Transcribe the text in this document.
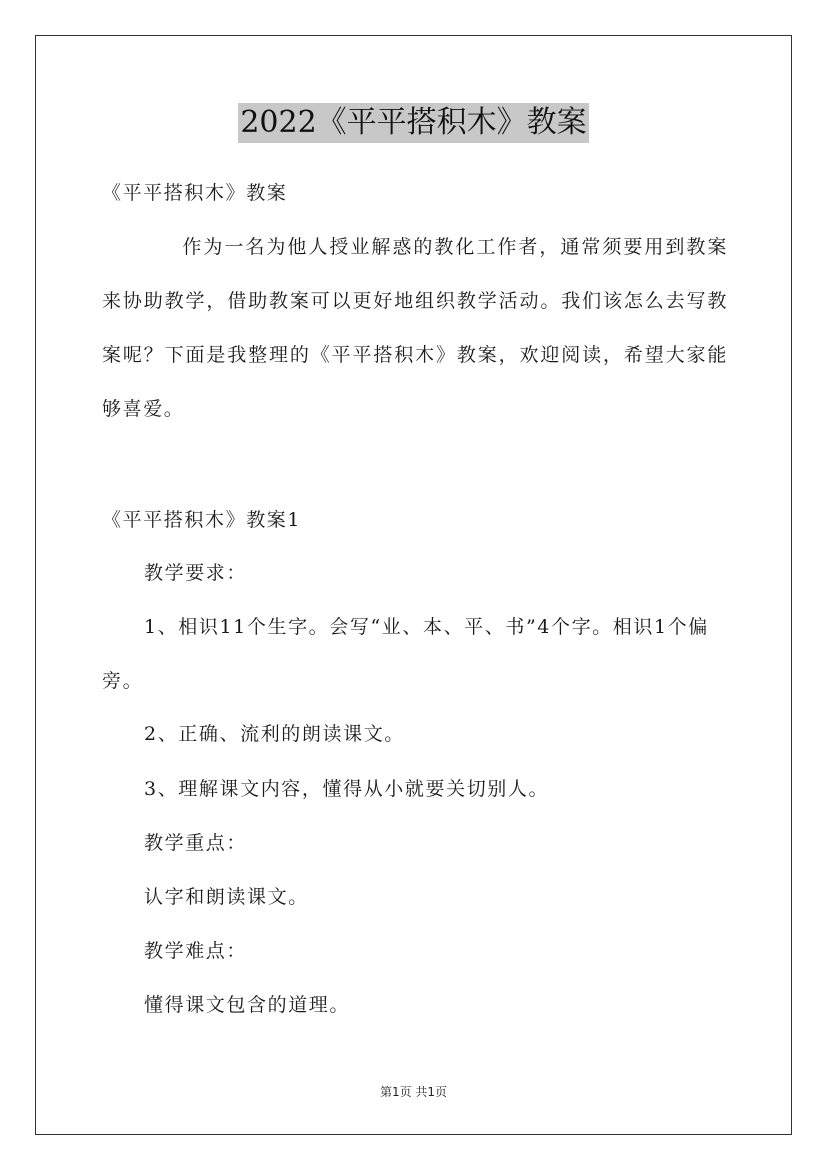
2022《平平搭积木》教案
《平平搭积木》教案
作为一名为他人授业解惑的教化工作者，通常须要用到教案来协助教学，借助教案可以更好地组织教学活动。我们该怎么去写教案呢？下面是我整理的《平平搭积木》教案，欢迎阅读，希望大家能够喜爱。
《平平搭积木》教案1
教学要求：
1、相识11个生字。会写“业、本、平、书”4个字。相识1个偏旁。
2、正确、流利的朗读课文。
3、理解课文内容，懂得从小就要关切别人。
教学重点：
认字和朗读课文。
教学难点：
懂得课文包含的道理。
第1页 共1页
